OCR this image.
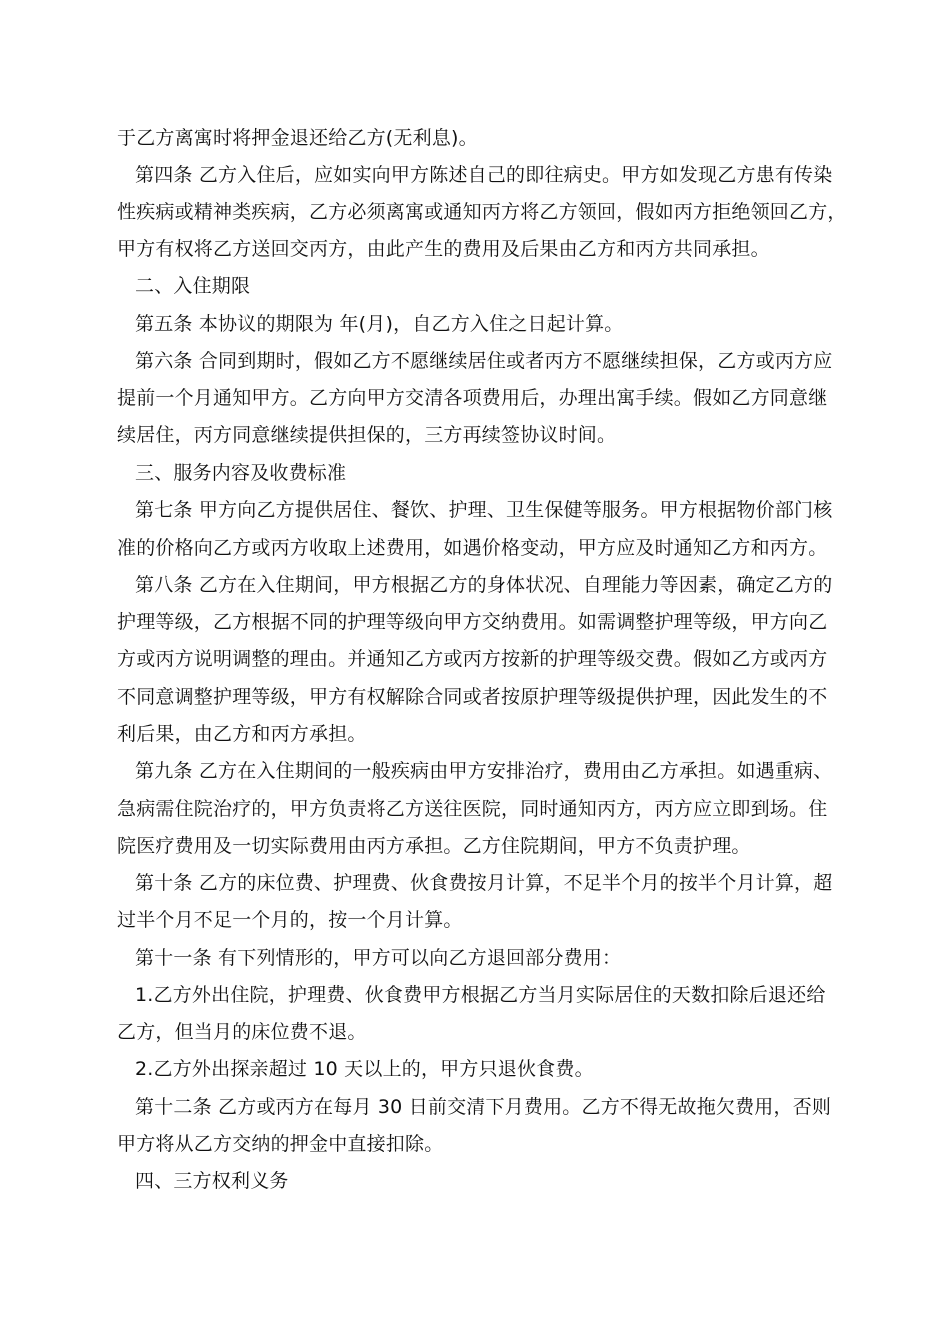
于乙方离寓时将押金退还给乙方(无利息)。
第四条 乙方入住后，应如实向甲方陈述自己的即往病史。甲方如发现乙方患有传染
性疾病或精神类疾病，乙方必须离寓或通知丙方将乙方领回，假如丙方拒绝领回乙方，
甲方有权将乙方送回交丙方，由此产生的费用及后果由乙方和丙方共同承担。
二、入住期限
第五条 本协议的期限为 年(月)，自乙方入住之日起计算。
第六条 合同到期时，假如乙方不愿继续居住或者丙方不愿继续担保，乙方或丙方应
提前一个月通知甲方。乙方向甲方交清各项费用后，办理出寓手续。假如乙方同意继
续居住，丙方同意继续提供担保的，三方再续签协议时间。
三、服务内容及收费标准
第七条 甲方向乙方提供居住、餐饮、护理、卫生保健等服务。甲方根据物价部门核
准的价格向乙方或丙方收取上述费用，如遇价格变动，甲方应及时通知乙方和丙方。
第八条 乙方在入住期间，甲方根据乙方的身体状况、自理能力等因素，确定乙方的
护理等级，乙方根据不同的护理等级向甲方交纳费用。如需调整护理等级，甲方向乙
方或丙方说明调整的理由。并通知乙方或丙方按新的护理等级交费。假如乙方或丙方
不同意调整护理等级，甲方有权解除合同或者按原护理等级提供护理，因此发生的不
利后果，由乙方和丙方承担。
第九条 乙方在入住期间的一般疾病由甲方安排治疗，费用由乙方承担。如遇重病、
急病需住院治疗的，甲方负责将乙方送往医院，同时通知丙方，丙方应立即到场。住
院医疗费用及一切实际费用由丙方承担。乙方住院期间，甲方不负责护理。
第十条 乙方的床位费、护理费、伙食费按月计算，不足半个月的按半个月计算，超
过半个月不足一个月的，按一个月计算。
第十一条 有下列情形的，甲方可以向乙方退回部分费用：
1.乙方外出住院，护理费、伙食费甲方根据乙方当月实际居住的天数扣除后退还给
乙方，但当月的床位费不退。
2.乙方外出探亲超过 10 天以上的，甲方只退伙食费。
第十二条 乙方或丙方在每月 30 日前交清下月费用。乙方不得无故拖欠费用，否则
甲方将从乙方交纳的押金中直接扣除。
四、三方权利义务
